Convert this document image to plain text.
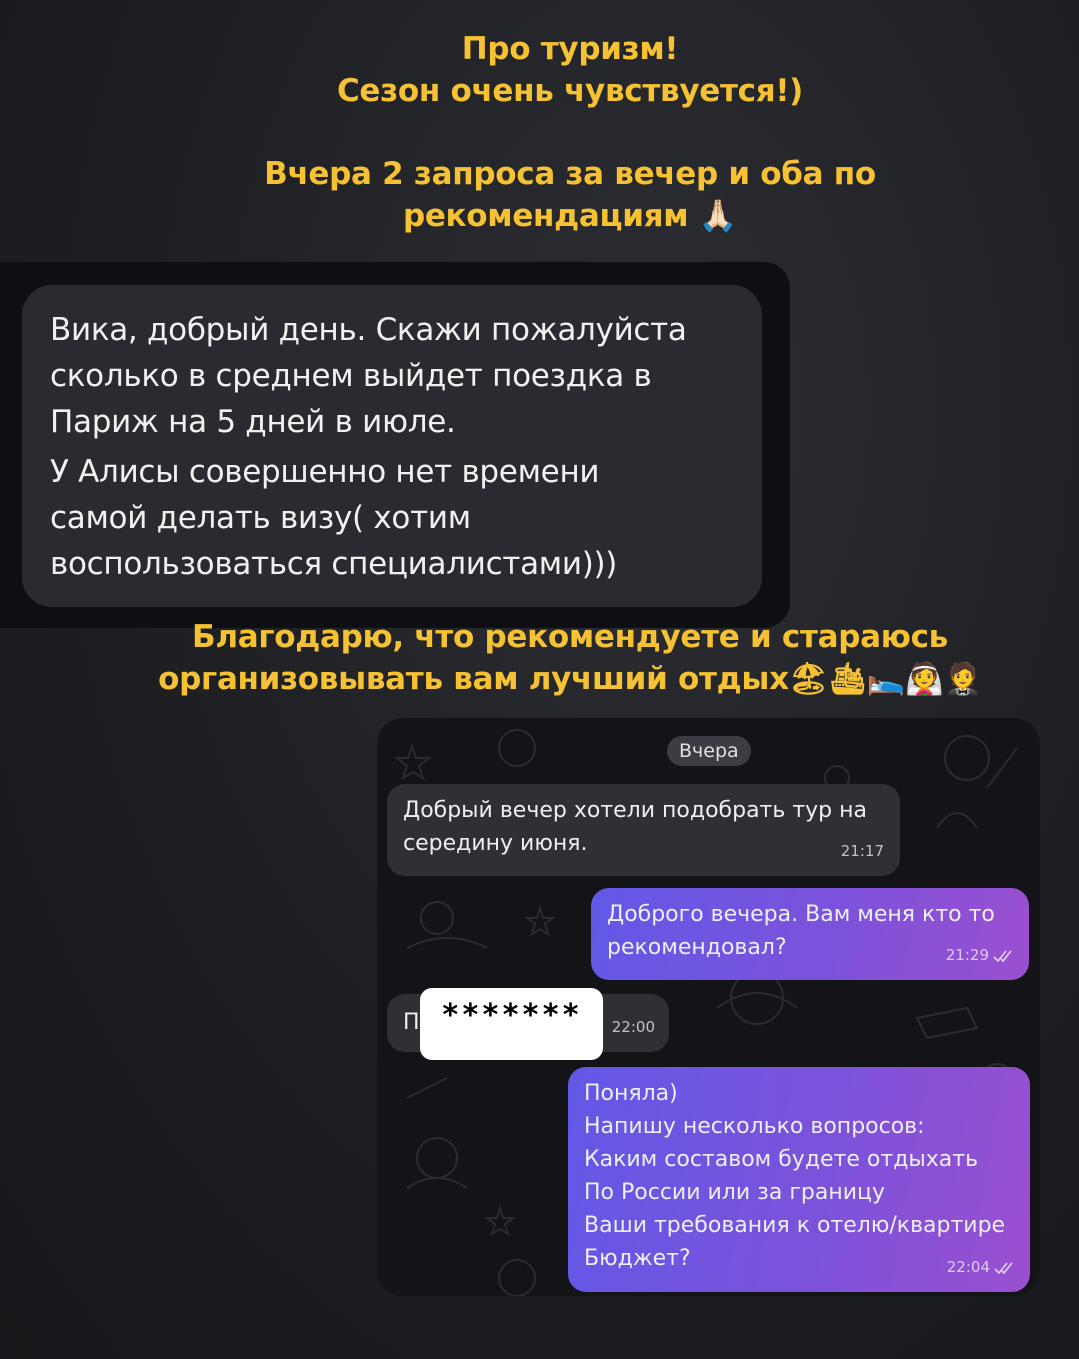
Про туризм!
Сезон очень чувствуется!)
Вчера 2 запроса за вечер и оба по
рекомендациям 🙏🏻

Вика, добрый день. Скажи пожалуйста
сколько в среднем выйдет поездка в
Париж на 5 дней в июле.

У Алисы совершенно нет времени
самой делать визу( хотим
воспользоваться специалистами)))

Благодарю, что рекомендуете и стараюсь
организовывать вам лучший отдых🏖🛳🛌👰🤵
Вчера
Добрый вечер хотели подобрать тур на
середину июня.	21:17
Доброго вечера. Вам меня кто то
рекомендовал?	21:29
П	22:00
*******
Поняла)
Напишу несколько вопросов:
Каким составом будете отдыхать
По России или за границу
Ваши требования к отелю/квартире
Бюджет?	22:04
